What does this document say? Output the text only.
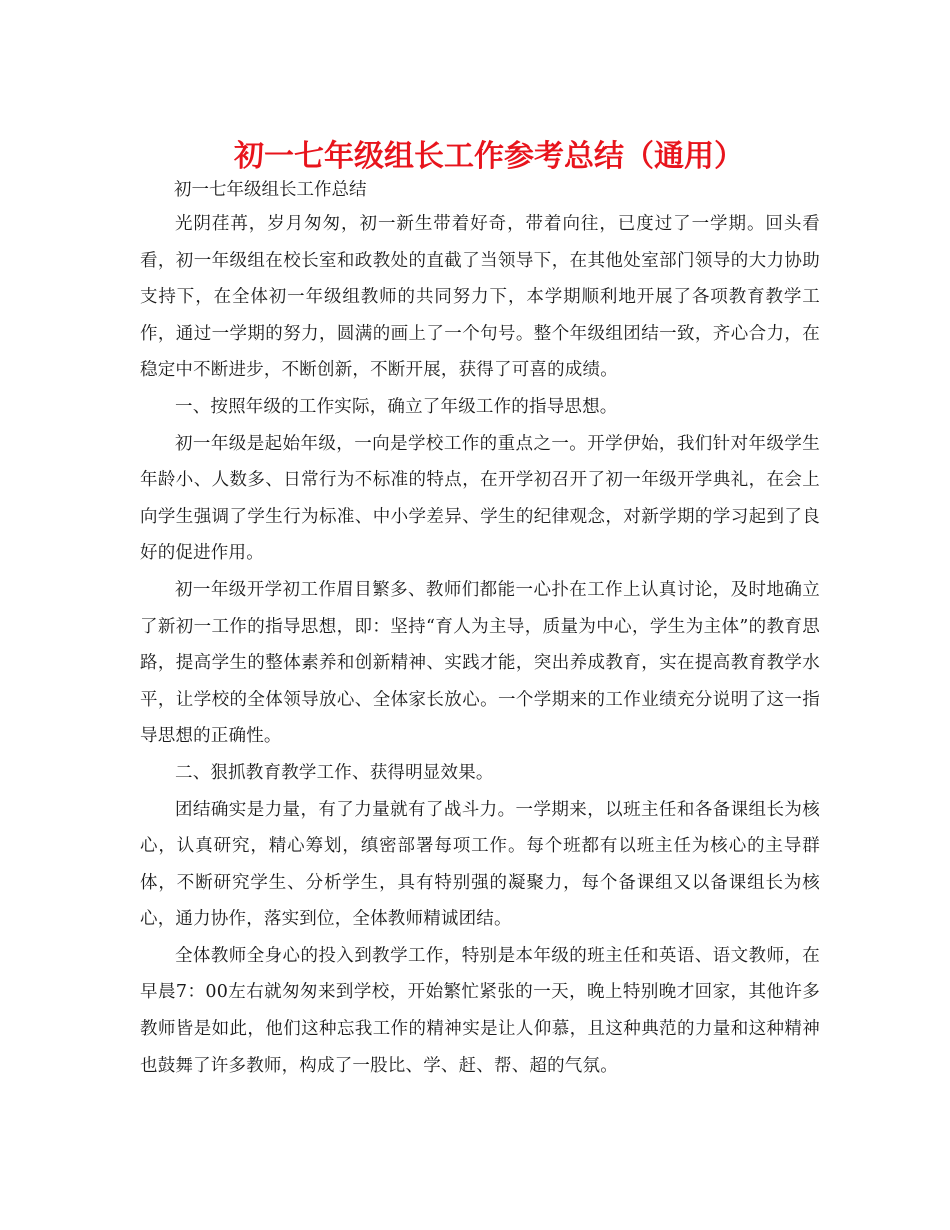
初一七年级组长工作参考总结（通用）

初一七年级组长工作总结

光阴荏苒，岁月匆匆，初一新生带着好奇，带着向往，已度过了一学期。回头看看，初一年级组在校长室和政教处的直截了当领导下，在其他处室部门领导的大力协助支持下，在全体初一年级组教师的共同努力下，本学期顺利地开展了各项教育教学工作，通过一学期的努力，圆满的画上了一个句号。整个年级组团结一致，齐心合力，在稳定中不断进步，不断创新，不断开展，获得了可喜的成绩。

一、按照年级的工作实际，确立了年级工作的指导思想。

初一年级是起始年级，一向是学校工作的重点之一。开学伊始，我们针对年级学生年龄小、人数多、日常行为不标准的特点，在开学初召开了初一年级开学典礼，在会上向学生强调了学生行为标准、中小学差异、学生的纪律观念，对新学期的学习起到了良好的促进作用。

初一年级开学初工作眉目繁多、教师们都能一心扑在工作上认真讨论，及时地确立了新初一工作的指导思想，即：坚持“育人为主导，质量为中心，学生为主体”的教育思路，提高学生的整体素养和创新精神、实践才能，突出养成教育，实在提高教育教学水平，让学校的全体领导放心、全体家长放心。一个学期来的工作业绩充分说明了这一指导思想的正确性。

二、狠抓教育教学工作、获得明显效果。

团结确实是力量，有了力量就有了战斗力。一学期来，以班主任和各备课组长为核心，认真研究，精心筹划，缜密部署每项工作。每个班都有以班主任为核心的主导群体，不断研究学生、分析学生，具有特别强的凝聚力，每个备课组又以备课组长为核心，通力协作，落实到位，全体教师精诚团结。

全体教师全身心的投入到教学工作，特别是本年级的班主任和英语、语文教师，在早晨7：00左右就匆匆来到学校，开始繁忙紧张的一天，晚上特别晚才回家，其他许多教师皆是如此，他们这种忘我工作的精神实是让人仰慕，且这种典范的力量和这种精神也鼓舞了许多教师，构成了一股比、学、赶、帮、超的气氛。
